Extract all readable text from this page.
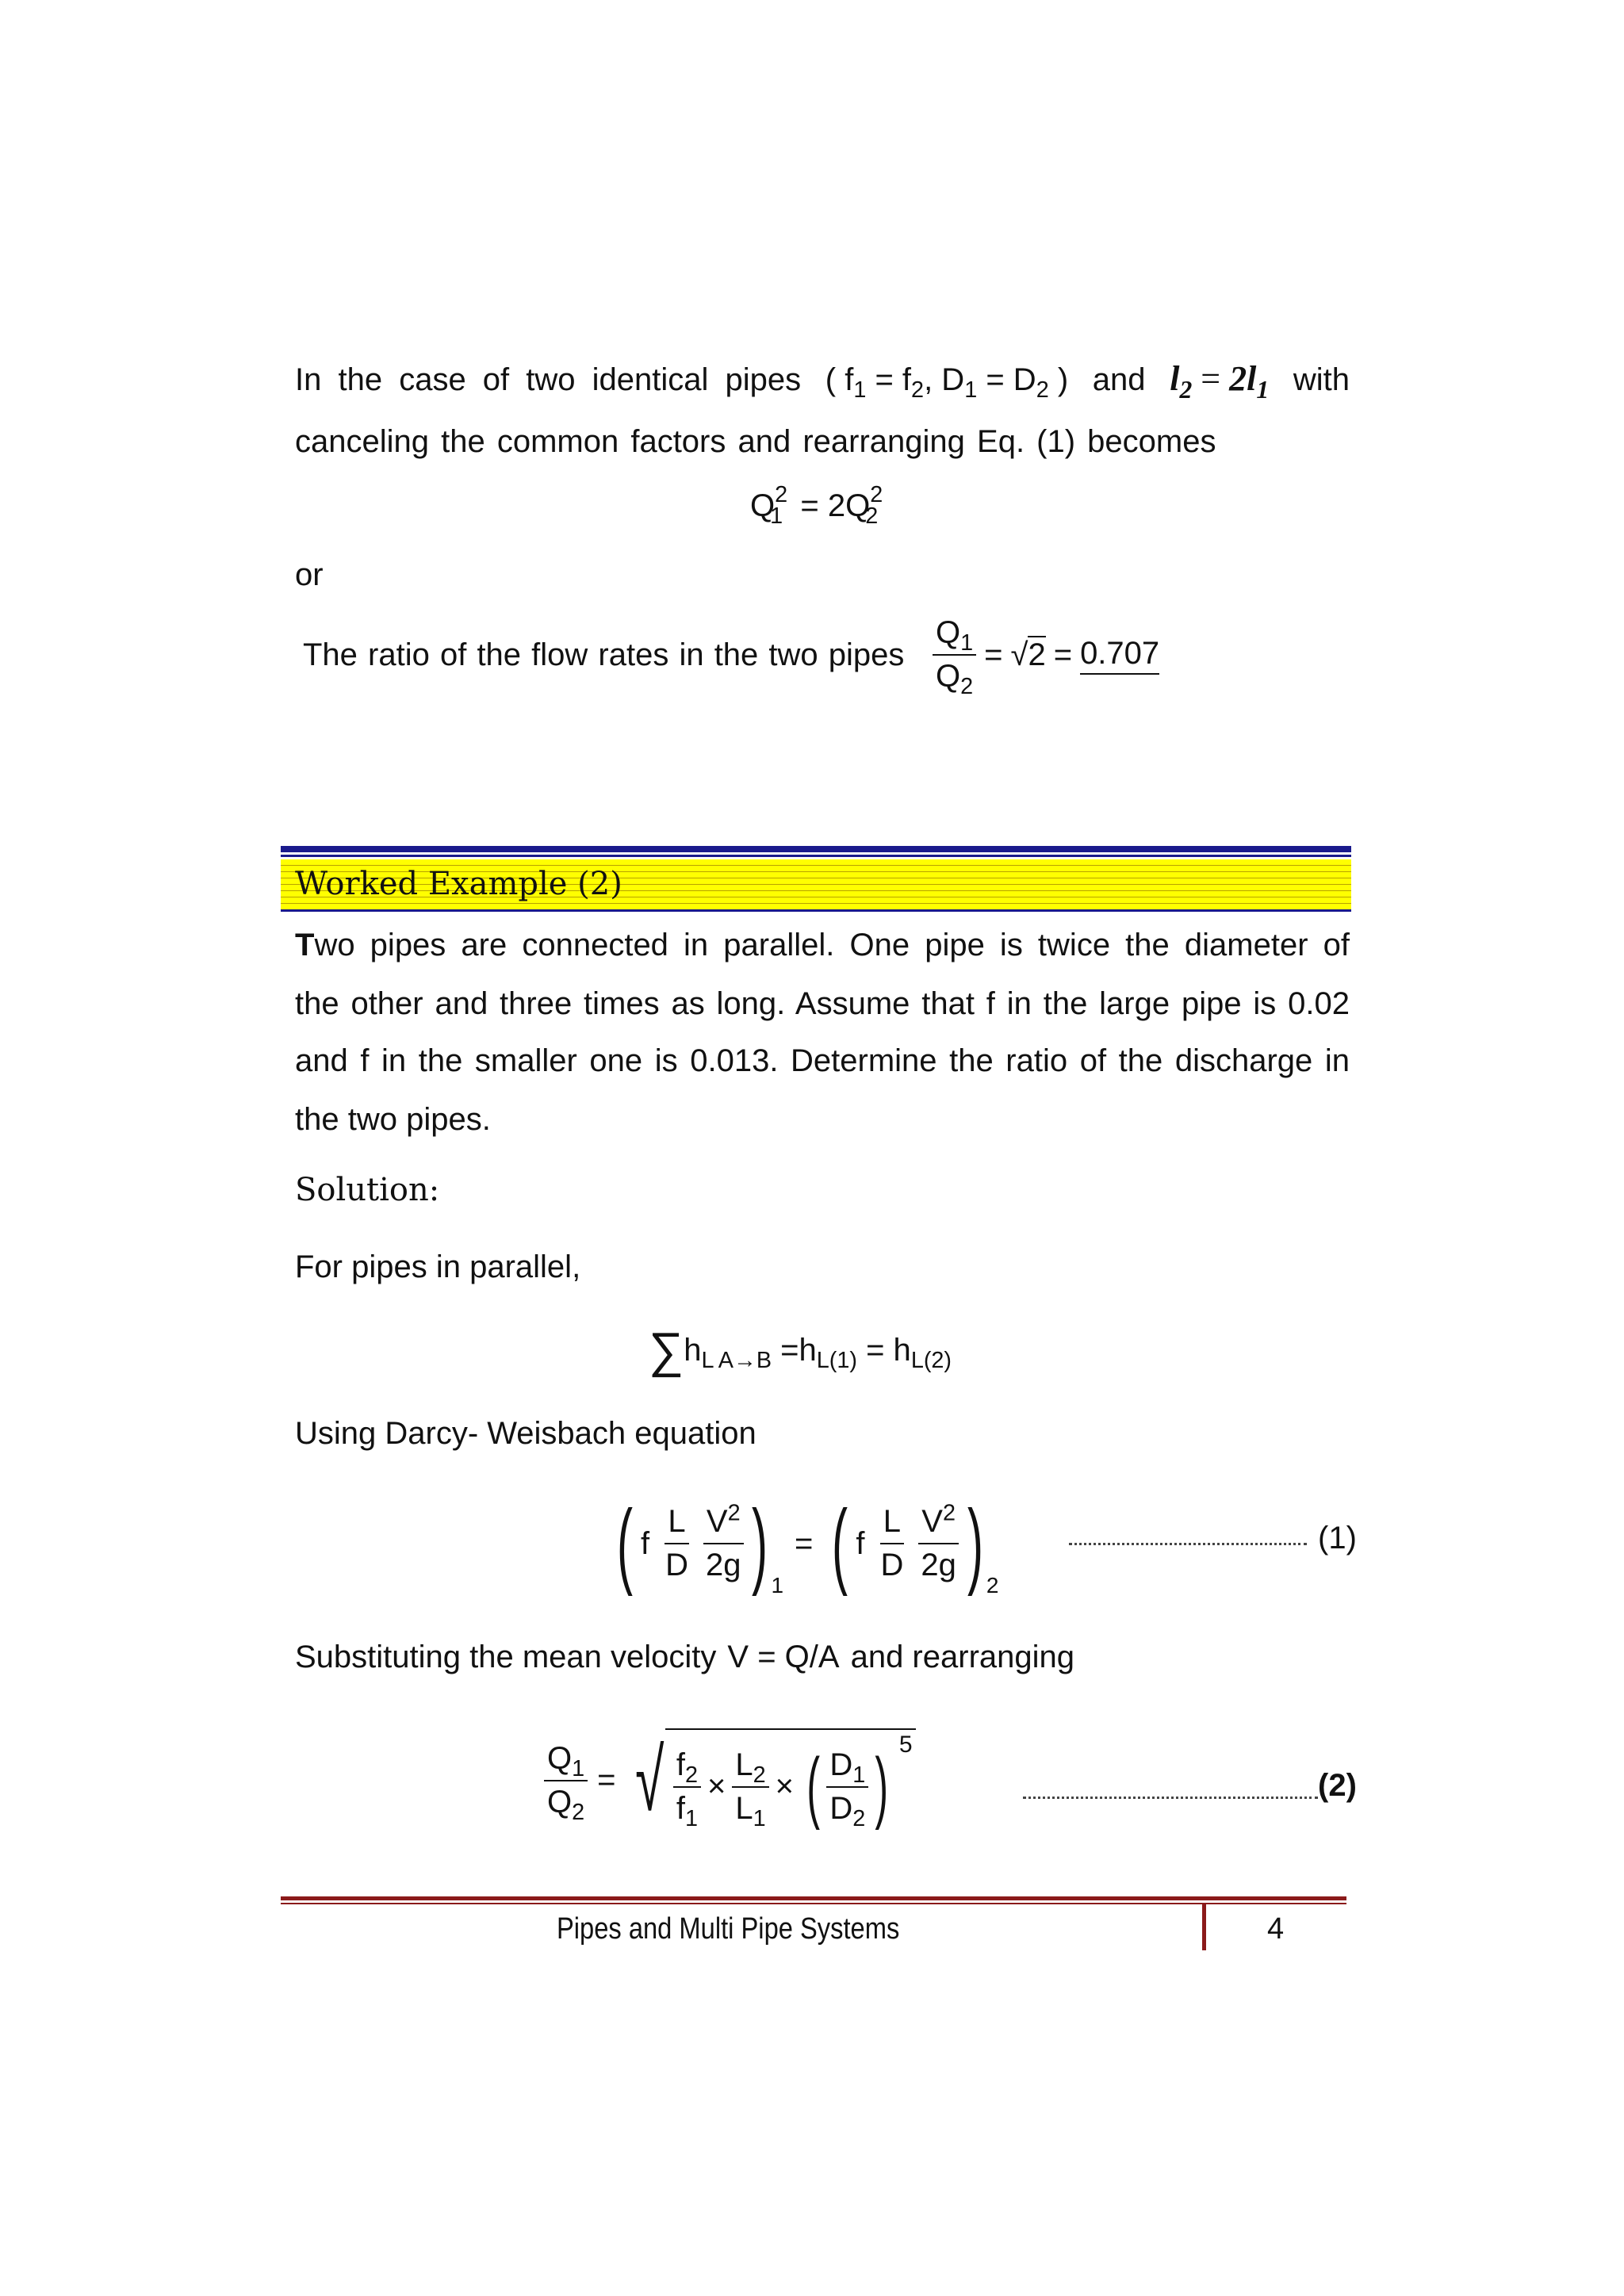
In the case of two identical pipes ( $f_1 = f_2$, $D_1 = D_2$ ) and $l_2 = 2l_1$ with
canceling the common factors and rearranging Eq. (1) becomes
$Q^2_1 = 2Q^2_2$
or
The ratio of the flow rates in the two pipes $\frac{Q_1}{Q_2} = √2 = 0.707$
Worked Example (2)
Two pipes are connected in parallel. One pipe is twice the diameter of
the other and three times as long. Assume that f in the large pipe is 0.02
and f in the smaller one is 0.013. Determine the ratio of the discharge in
the two pipes.
Solution:
For pipes in parallel,
$\sum h_{L A\to B} =h_{L(1)} = h_{L(2)}$
Using Darcy- Weisbach equation
( f $\frac{L}{D} \frac{V^2}{2g}$ ) 1
= ( f $\frac{L}{D} \frac{V^2}{2g}$ ) 2
(1)
Substituting the mean velocity V = Q/A and rearranging
$\frac{Q_1}{Q_2}$ = √ $\frac{f_2}{f_1} \times \frac{L_2}{L_1}$ × ( $\frac{D_1}{D_2}$ ) 5
(2)
Pipes and Multi Pipe Systems	4
